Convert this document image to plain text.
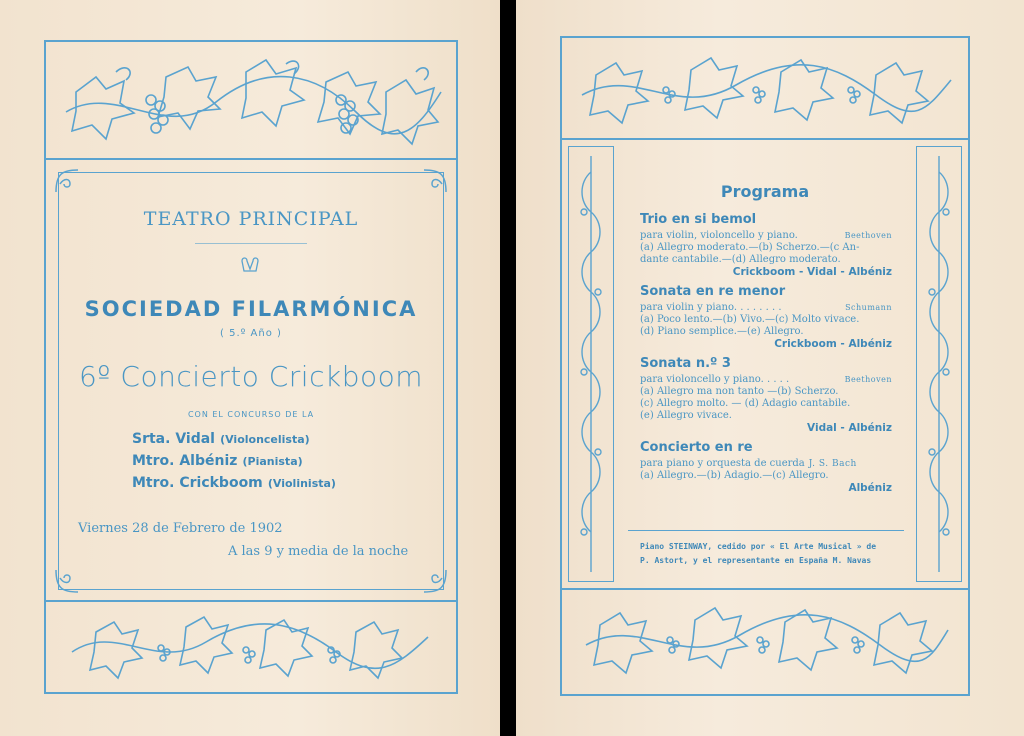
TEATRO PRINCIPAL
SOCIEDAD FILARMÓNICA
( 5.º Año )
6º Concierto Crickboom
CON EL CONCURSO DE LA
Srta. Vidal (Violoncelista)
Mtro. Albéniz (Pianista)
Mtro. Crickboom (Violinista)
Viernes 28 de Febrero de 1902
A las 9 y media de la noche
Programa
Trio en si bemol
para violin, violoncello y piano.	Beethoven
(a) Allegro moderato.—(b) Scherzo.—(c An-
dante cantabile.—(d) Allegro moderato.
Crickboom - Vidal - Albéniz
Sonata en re menor
para violin y piano. . . . . . . .	Schumann
(a) Poco lento.—(b) Vivo.—(c) Molto vivace.
(d) Piano semplice.—(e) Allegro.
Crickboom - Albéniz
Sonata n.º 3
para violoncello y piano. . . . .	Beethoven
(a) Allegro ma non tanto —(b) Scherzo.
(c) Allegro molto. — (d) Adagio cantabile.
(e) Allegro vivace.
Vidal - Albéniz
Concierto en re
para piano y orquesta de cuerda J. S. Bach
(a) Allegro.—(b) Adagio.—(c) Allegro.
Albéniz
Piano STEINWAY, cedido por « El Arte Musical » de
P. Astort, y el representante en España M. Navas
